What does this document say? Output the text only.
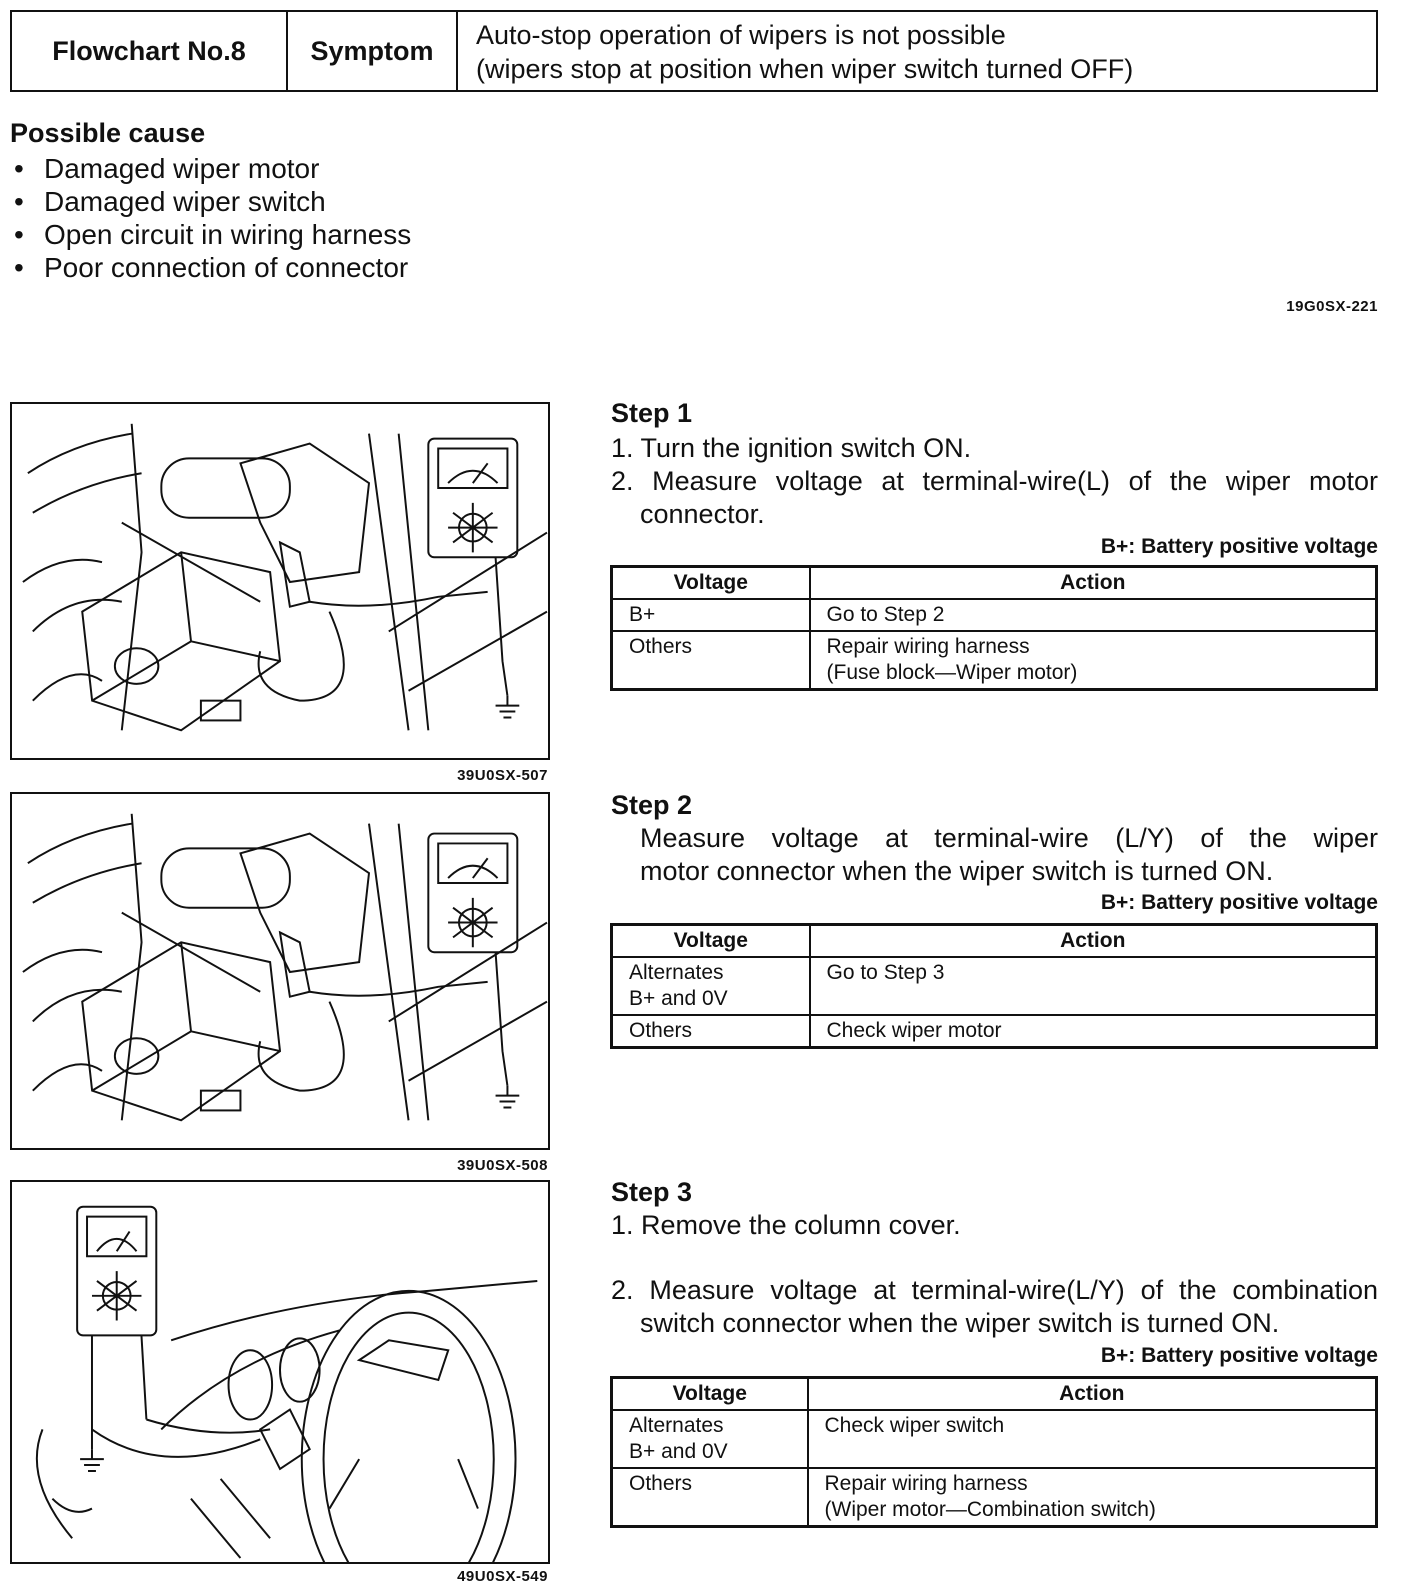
Flowchart No.8	Symptom
Auto-stop operation of wipers is not possible
(wipers stop at position when wiper switch turned OFF)
Possible cause
• Damaged wiper motor
• Damaged wiper switch
• Open circuit in wiring harness
• Poor connection of connector
19G0SX-221
39U0SX-507
39U0SX-508
49U0SX-549
Step 1
1. Turn the ignition switch ON.
2. Measure voltage at terminal-wire(L) of the wiper motor
connector.
B+: Battery positive voltage
Voltage	Action
B+	Go to Step 2
Others	Repair wiring harness
(Fuse block—Wiper motor)
Step 2
Measure voltage at terminal-wire (L/Y) of the wiper
motor connector when the wiper switch is turned ON.
B+: Battery positive voltage
Voltage	Action

Alternates
B+ and 0V	Go to Step 3
Others	Check wiper motor
Step 3
1. Remove the column cover.
2. Measure voltage at terminal-wire(L/Y) of the combination
switch connector when the wiper switch is turned ON.
B+: Battery positive voltage
Voltage	Action

Alternates
B+ and 0V	Check wiper switch
Others	Repair wiring harness
(Wiper motor—Combination switch)
